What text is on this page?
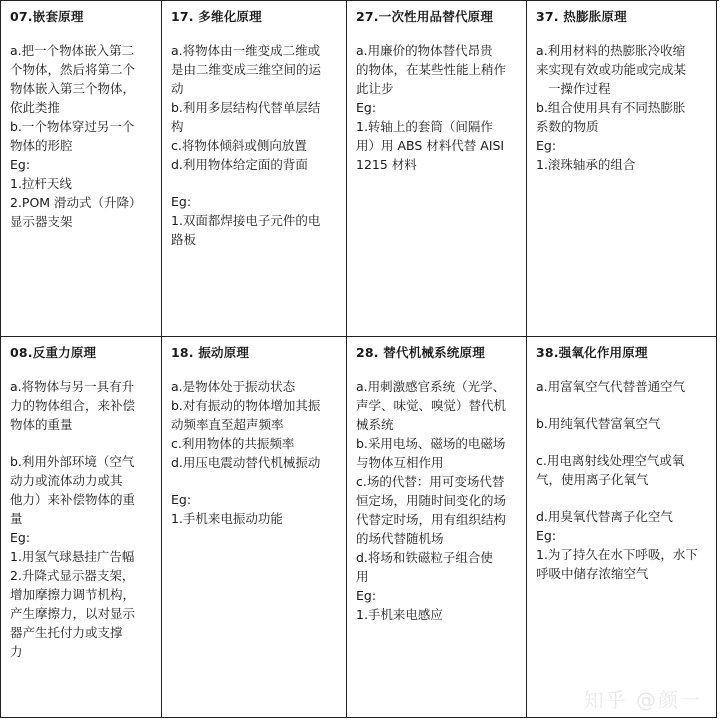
07.嵌套原理
a.把一个物体嵌入第二
个物体，然后将第二个
物体嵌入第三个物体，
依此类推
b.一个物体穿过另一个
物体的形腔
Eg:
1.拉杆天线
2.POM 滑动式（升降）
显示器支架
17. 多维化原理
a.将物体由一维变成二维或
是由二维变成三维空间的运
动
b.利用多层结构代替单层结
构
c.将物体倾斜或侧向放置
d.利用物体给定面的背面
Eg:
1.双面都焊接电子元件的电
路板
27.一次性用品替代原理
a.用廉价的物体替代昂贵
的物体，在某些性能上稍作
此让步
Eg:
1.转轴上的套筒（间隔作
用）用 ABS 材料代替 AISI
1215 材料
37. 热膨胀原理
a.利用材料的热膨胀冷收缩
来实现有效或功能或完成某
一操作过程
b.组合使用具有不同热膨胀
系数的物质
Eg:
1.滚珠轴承的组合
08.反重力原理
a.将物体与另一具有升
力的物体组合，来补偿
物体的重量
b.利用外部环境（空气
动力或流体动力或其
他力）来补偿物体的重
量
Eg:
1.用氢气球悬挂广告幅
2.升降式显示器支架，
增加摩擦力调节机构，
产生摩擦力，以对显示
器产生托付力或支撑
力
18. 振动原理
a.是物体处于振动状态
b.对有振动的物体增加其振
动频率直至超声频率
c.利用物体的共振频率
d.用压电震动替代机械振动
Eg:
1.手机来电振动功能
28. 替代机械系统原理
a.用刺激感官系统（光学、
声学、味觉、嗅觉）替代机
械系统
b.采用电场、磁场的电磁场
与物体互相作用
c.场的代替：用可变场代替
恒定场，用随时间变化的场
代替定时场，用有组织结构
的场代替随机场
d.将场和铁磁粒子组合使
用
Eg:
1.手机来电感应
38.强氧化作用原理
a.用富氧空气代替普通空气
b.用纯氧代替富氧空气
c.用电离射线处理空气或氧
气，使用离子化氧气
d.用臭氧代替离子化空气
Eg:
1.为了持久在水下呼吸，水下
呼吸中储存浓缩空气
知乎 @颜一
